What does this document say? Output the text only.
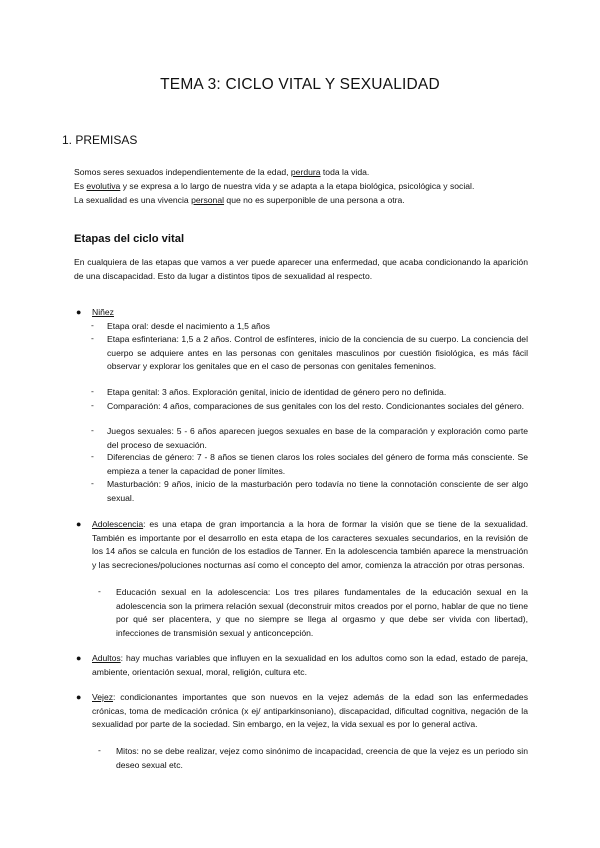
TEMA 3: CICLO VITAL Y SEXUALIDAD
1. PREMISAS
Somos seres sexuados independientemente de la edad, perdura toda la vida.
Es evolutiva y se expresa a lo largo de nuestra vida y se adapta a la etapa biológica, psicológica y social.
La sexualidad es una vivencia personal que no es superponible de una persona a otra.
Etapas del ciclo vital
En cualquiera de las etapas que vamos a ver puede aparecer una enfermedad, que acaba condicionando la aparición de una discapacidad. Esto da lugar a distintos tipos de sexualidad al respecto.
● Niñez
- Etapa oral: desde el nacimiento a 1,5 años
- Etapa esfinteriana: 1,5 a 2 años. Control de esfínteres, inicio de la conciencia de su cuerpo. La conciencia del cuerpo se adquiere antes en las personas con genitales masculinos por cuestión fisiológica, es más fácil observar y explorar los genitales que en el caso de personas con genitales femeninos.
- Etapa genital: 3 años. Exploración genital, inicio de identidad de género pero no definida.
- Comparación: 4 años, comparaciones de sus genitales con los del resto. Condicionantes sociales del género.
- Juegos sexuales: 5 - 6 años aparecen juegos sexuales en base de la comparación y exploración como parte del proceso de sexuación.
- Diferencias de género: 7 - 8 años se tienen claros los roles sociales del género de forma más consciente. Se empieza a tener la capacidad de poner límites.
- Masturbación: 9 años, inicio de la masturbación pero todavía no tiene la connotación consciente de ser algo sexual.
● Adolescencia: es una etapa de gran importancia a la hora de formar la visión que se tiene de la sexualidad. También es importante por el desarrollo en esta etapa de los caracteres sexuales secundarios, en la revisión de los 14 años se calcula en función de los estadios de Tanner. En la adolescencia también aparece la menstruación y las secreciones/poluciones nocturnas así como el concepto del amor, comienza la atracción por otras personas.
- Educación sexual en la adolescencia: Los tres pilares fundamentales de la educación sexual en la adolescencia son la primera relación sexual (deconstruir mitos creados por el porno, hablar de que no tiene por qué ser placentera, y que no siempre se llega al orgasmo y que debe ser vivida con libertad), infecciones de transmisión sexual y anticoncepción.
● Adultos: hay muchas variables que influyen en la sexualidad en los adultos como son la edad, estado de pareja, ambiente, orientación sexual, moral, religión, cultura etc.
● Vejez: condicionantes importantes que son nuevos en la vejez además de la edad son las enfermedades crónicas, toma de medicación crónica (x ej/ antiparkinsoniano), discapacidad, dificultad cognitiva, negación de la sexualidad por parte de la sociedad. Sin embargo, en la vejez, la vida sexual es por lo general activa.
- Mitos: no se debe realizar, vejez como sinónimo de incapacidad, creencia de que la vejez es un periodo sin deseo sexual etc.
